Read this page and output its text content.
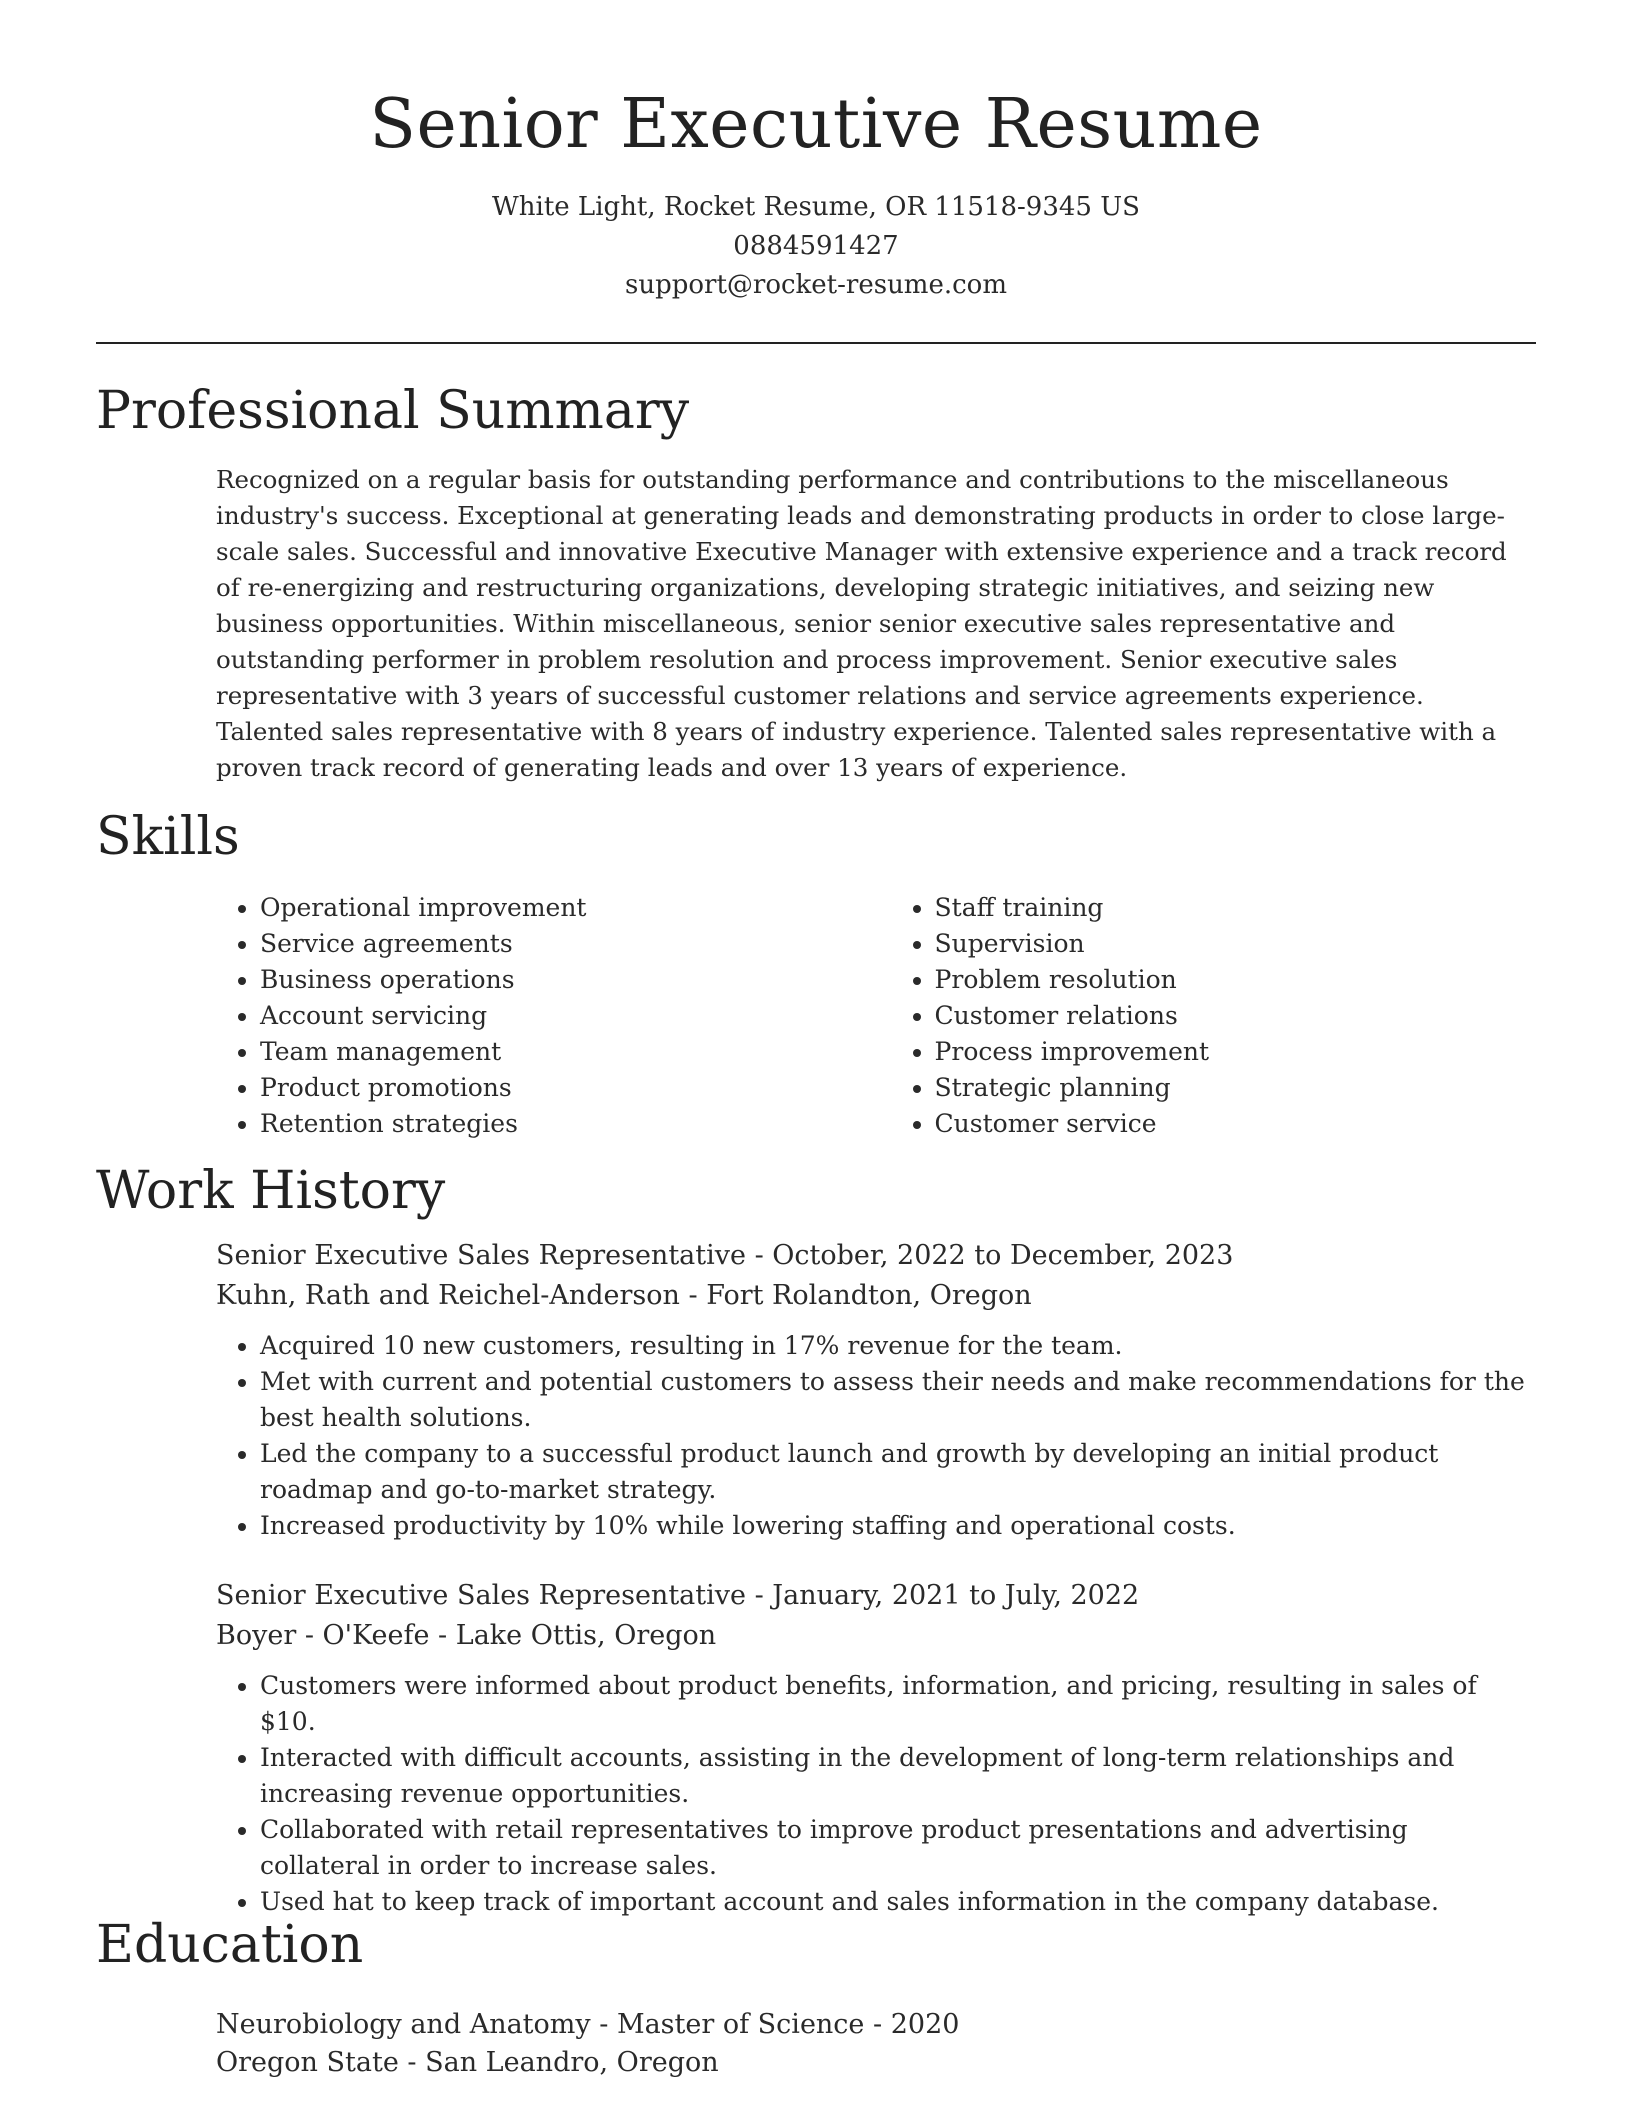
Senior Executive Resume
White Light, Rocket Resume, OR 11518-9345 US
0884591427
support@rocket-resume.com
Professional Summary
Recognized on a regular basis for outstanding performance and contributions to the miscellaneous industry's success. Exceptional at generating leads and demonstrating products in order to close large-scale sales. Successful and innovative Executive Manager with extensive experience and a track record of re-energizing and restructuring organizations, developing strategic initiatives, and seizing new business opportunities. Within miscellaneous, senior senior executive sales representative and outstanding performer in problem resolution and process improvement. Senior executive sales representative with 3 years of successful customer relations and service agreements experience. Talented sales representative with 8 years of industry experience. Talented sales representative with a proven track record of generating leads and over 13 years of experience.
Skills
• Operational improvement
• Service agreements
• Business operations
• Account servicing
• Team management
• Product promotions
• Retention strategies
• Staff training
• Supervision
• Problem resolution
• Customer relations
• Process improvement
• Strategic planning
• Customer service
Work History
Senior Executive Sales Representative - October, 2022 to December, 2023
Kuhn, Rath and Reichel-Anderson - Fort Rolandton, Oregon
• Acquired 10 new customers, resulting in 17% revenue for the team.
• Met with current and potential customers to assess their needs and make recommendations for the best health solutions.
• Led the company to a successful product launch and growth by developing an initial product roadmap and go-to-market strategy.
• Increased productivity by 10% while lowering staffing and operational costs.
Senior Executive Sales Representative - January, 2021 to July, 2022
Boyer - O'Keefe - Lake Ottis, Oregon
• Customers were informed about product benefits, information, and pricing, resulting in sales of $10.
• Interacted with difficult accounts, assisting in the development of long-term relationships and increasing revenue opportunities.
• Collaborated with retail representatives to improve product presentations and advertising collateral in order to increase sales.
• Used hat to keep track of important account and sales information in the company database.
Education
Neurobiology and Anatomy - Master of Science - 2020
Oregon State - San Leandro, Oregon
